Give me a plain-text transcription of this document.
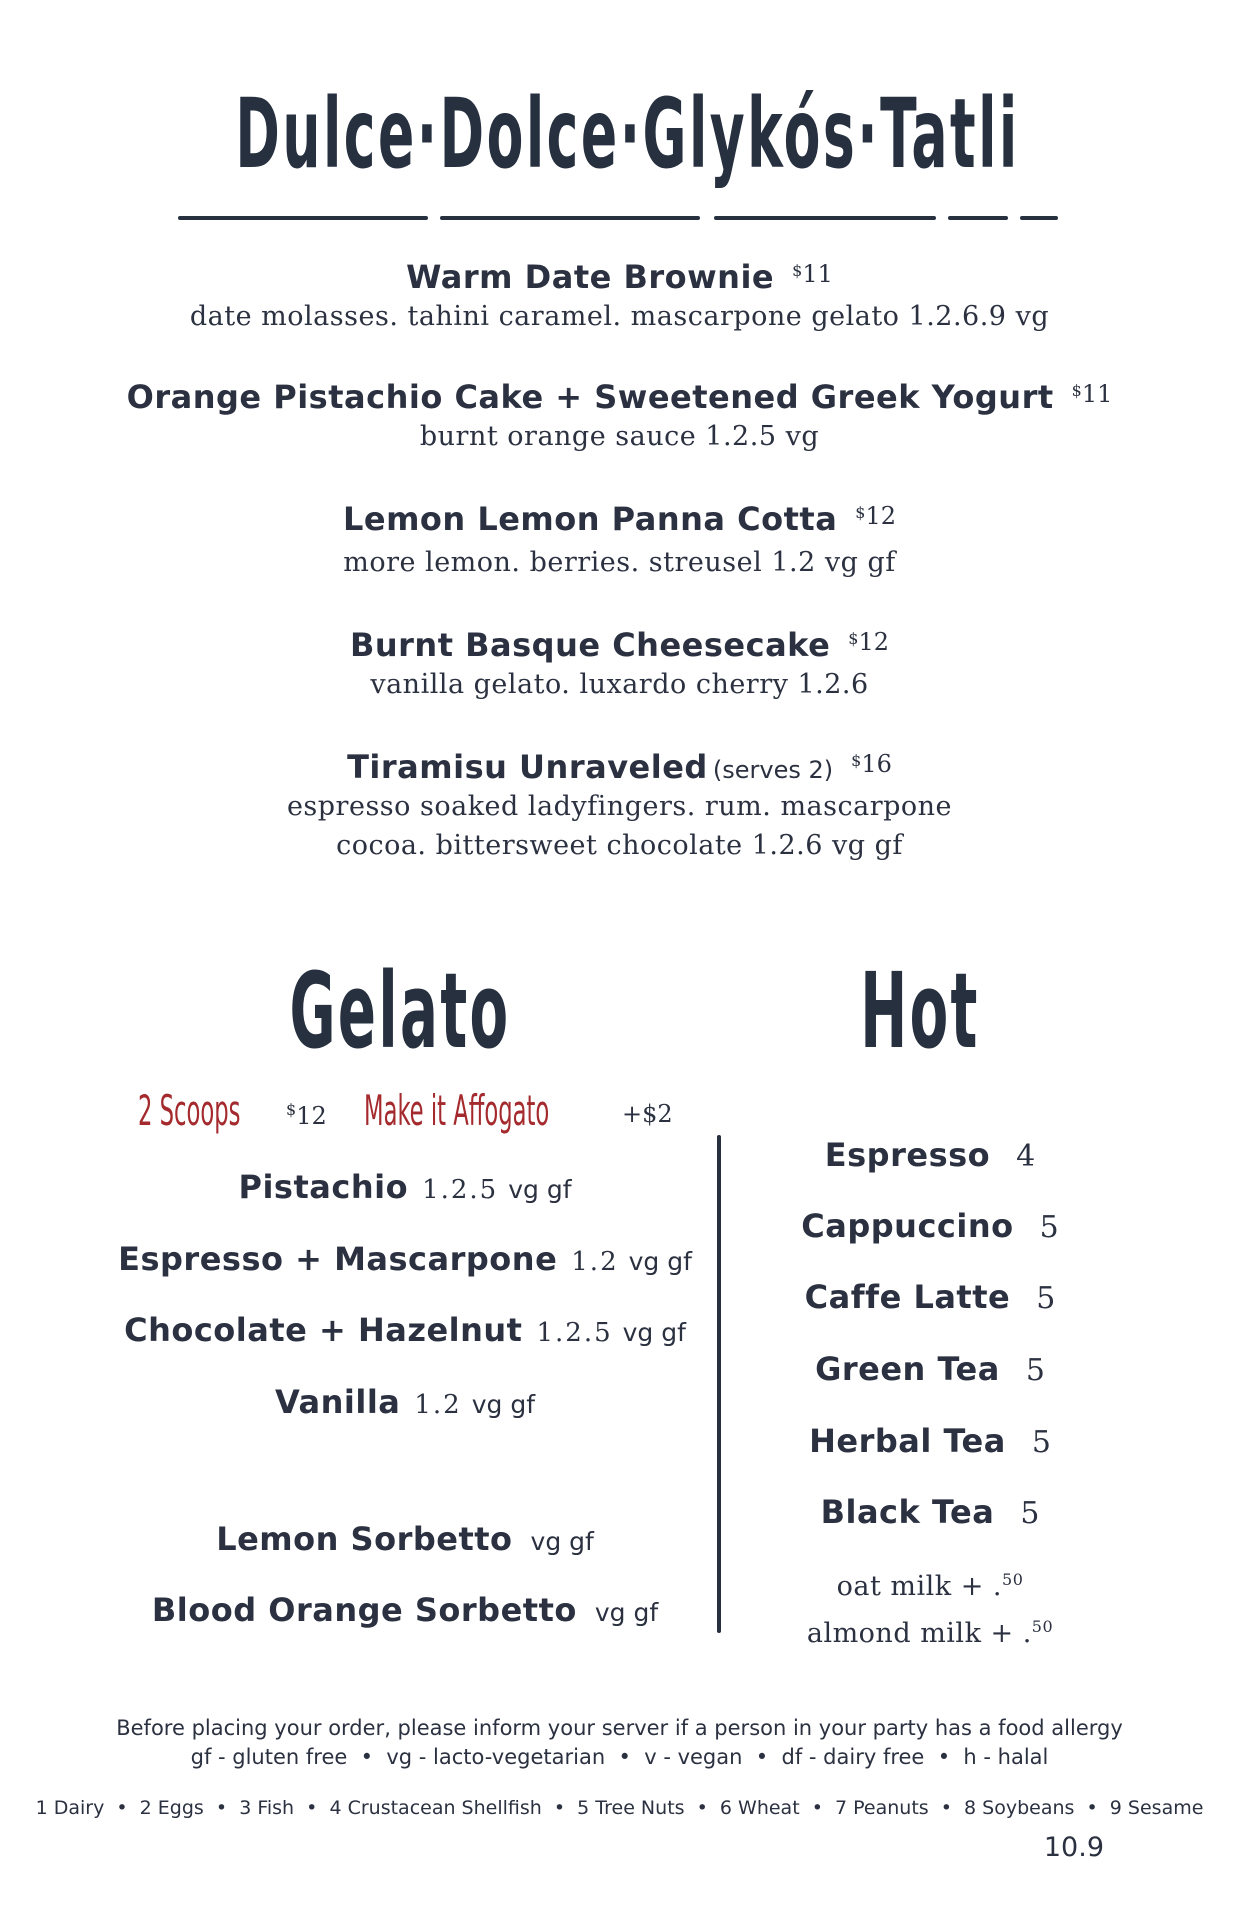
Dulce·Dolce·Glykós·Tatli
Warm Date Brownie $11
date molasses. tahini caramel. mascarpone gelato 1.2.6.9 vg
Orange Pistachio Cake + Sweetened Greek Yogurt $11
burnt orange sauce 1.2.5 vg
Lemon Lemon Panna Cotta $12
more lemon. berries. streusel 1.2 vg gf
Burnt Basque Cheesecake $12
vanilla gelato. luxardo cherry 1.2.6
Tiramisu Unraveled (serves 2) $16
espresso soaked ladyfingers. rum. mascarpone
cocoa. bittersweet chocolate 1.2.6 vg gf
Gelato
2 Scoops	$12 Make it Affogato	+$2
Pistachio 1.2.5 vg gf
Espresso + Mascarpone 1.2 vg gf
Chocolate + Hazelnut 1.2.5 vg gf
Vanilla 1.2 vg gf
Lemon Sorbetto vg gf
Blood Orange Sorbetto vg gf
Hot
Espresso 4
Cappuccino 5
Caffe Latte 5
Green Tea 5
Herbal Tea 5
Black Tea 5
oat milk + .$^{50}$
almond milk + .$^{50}$
Before placing your order, please inform your server if a person in your party has a food allergy
gf - gluten free  •  vg - lacto-vegetarian  •  v - vegan  •  df - dairy free  •  h - halal
1 Dairy  •  2 Eggs  •  3 Fish  •  4 Crustacean Shellfish  •  5 Tree Nuts  •  6 Wheat  •  7 Peanuts  •  8 Soybeans  •  9 Sesame
10.9
